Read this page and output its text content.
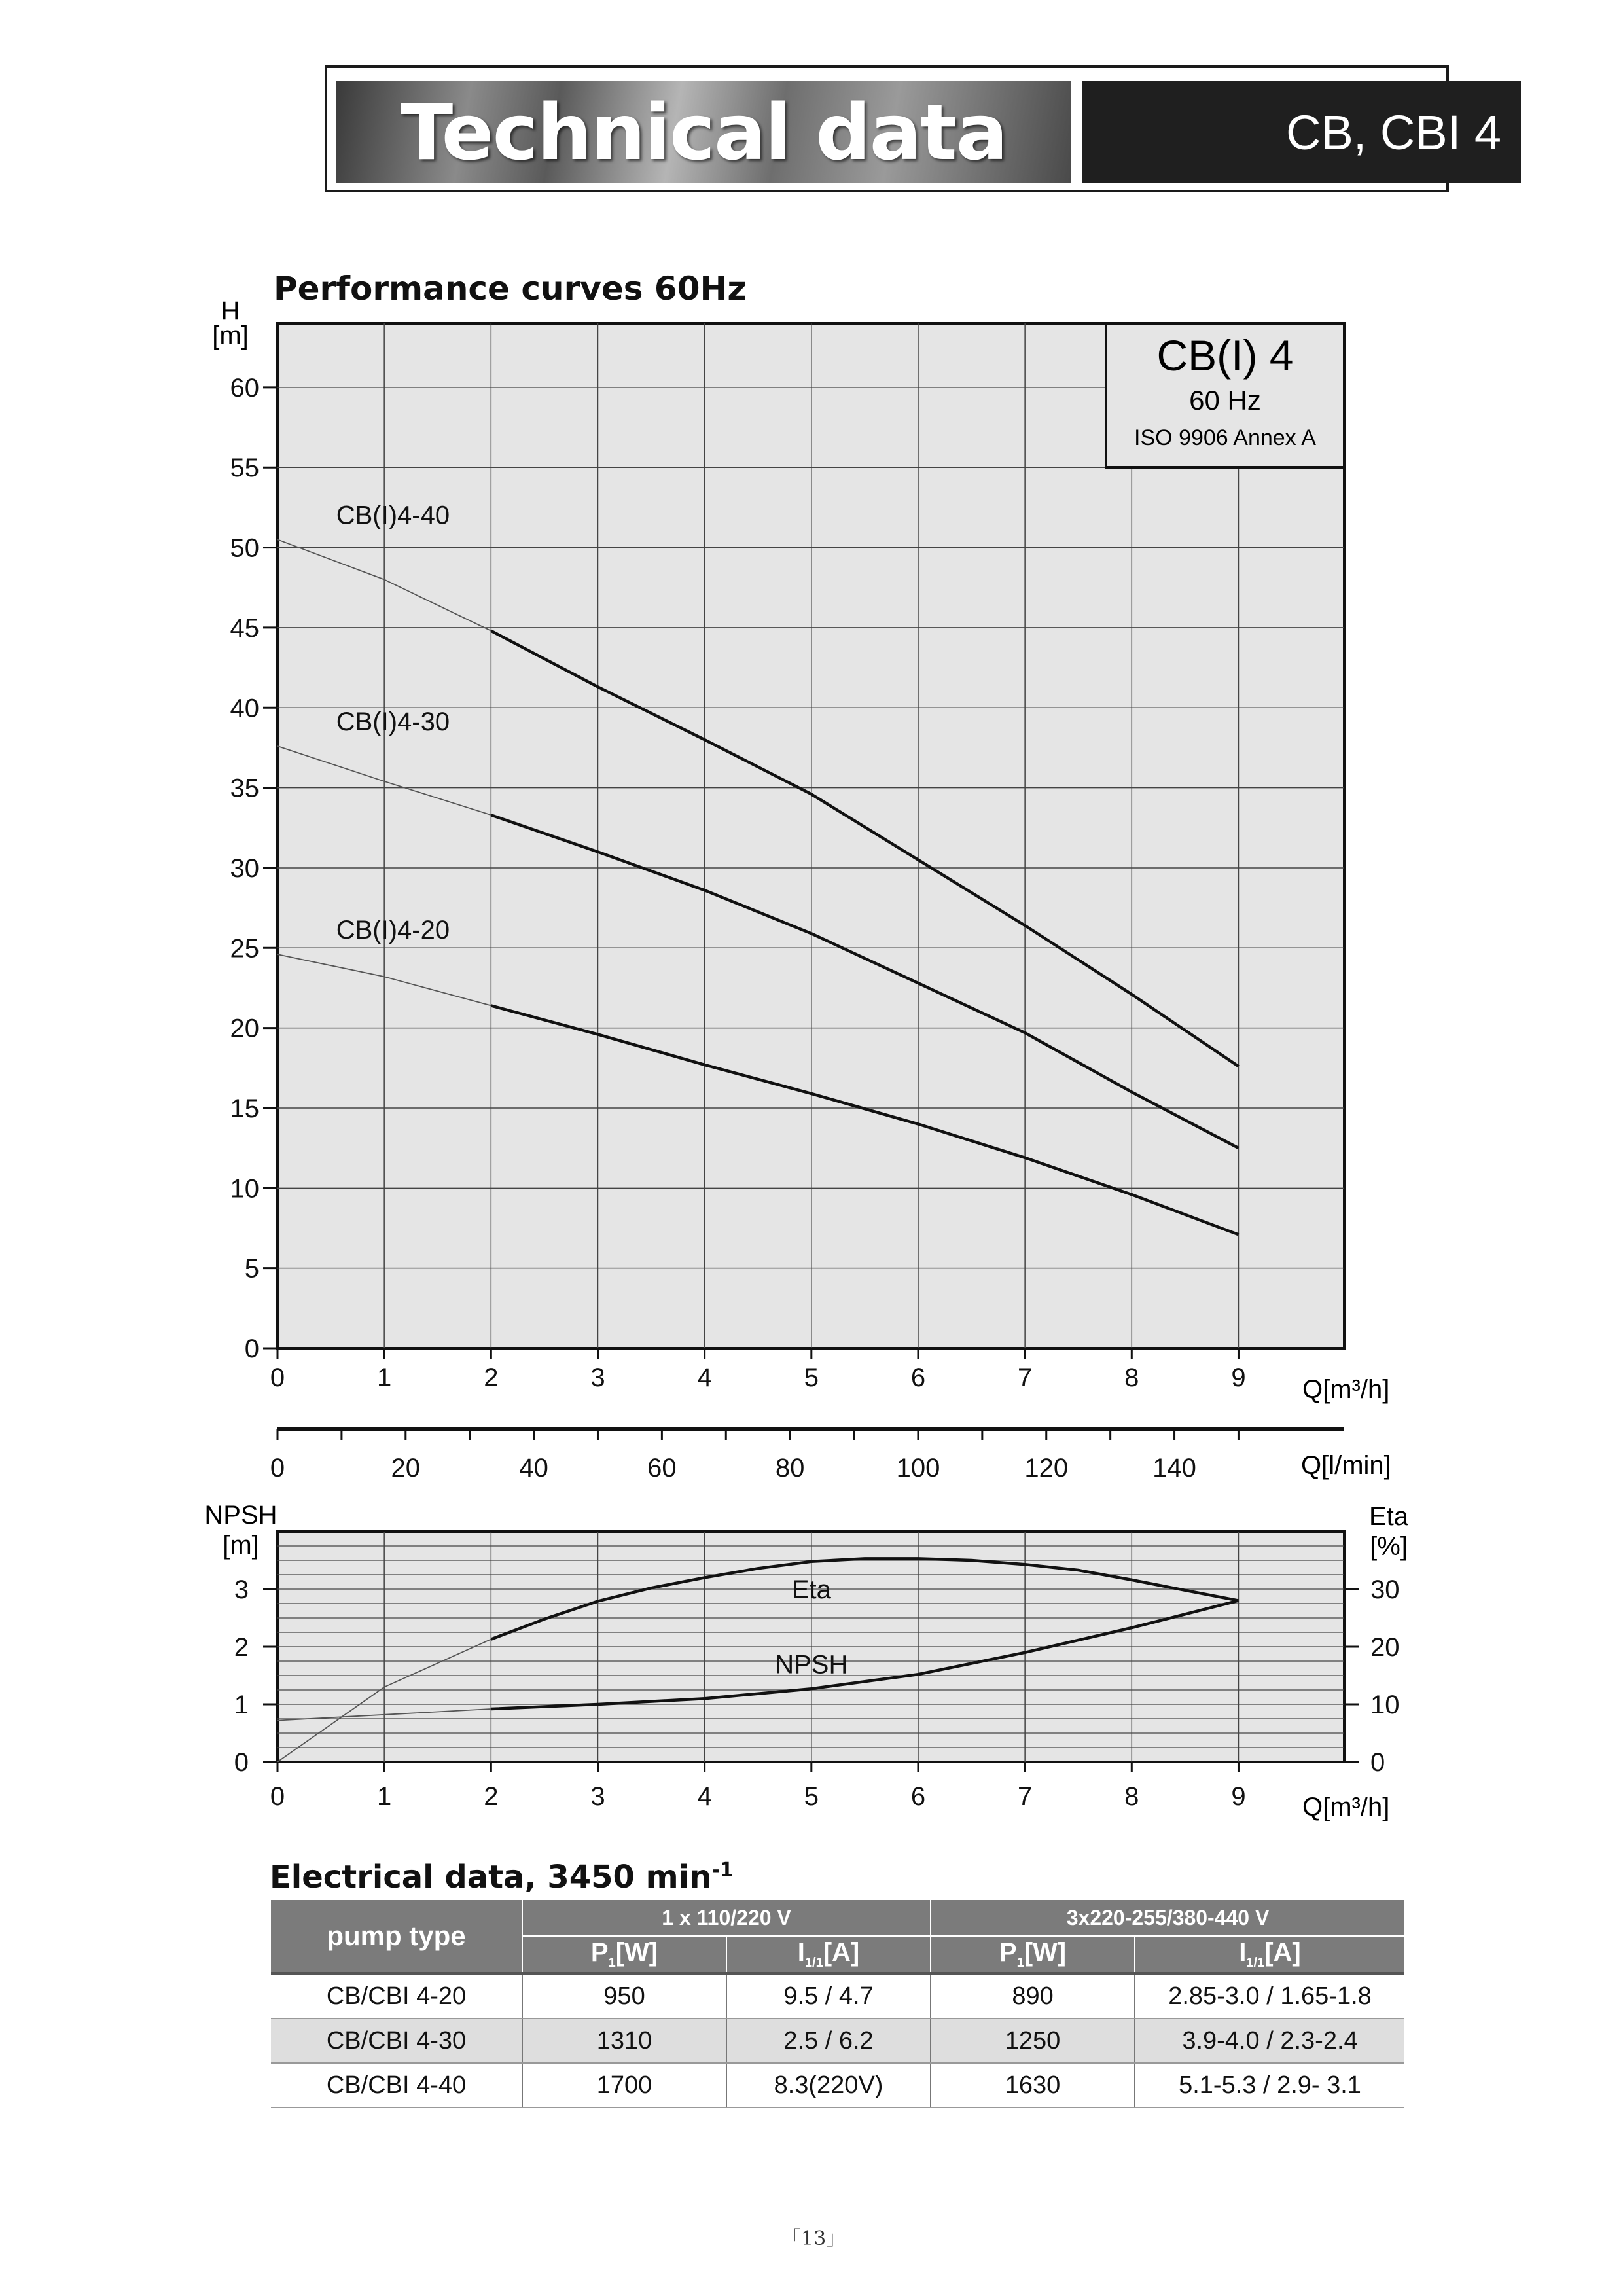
Technical data	CB, CBI 4
CB(I)4-40
CB(I)4-30
CB(I)4-20
0	1	2	3	4	5	6	7	8	9
0
5
10
15
20
25
30
35
40
45
50
55
60
Performance curves 60Hz
H
[m]	CB(I) 4
60 Hz
ISO 9906 Annex A
Q[m³/h]
0	20	40	60	80	100	120	140	Q[l/min]
Eta
NPSH
0	1	2	3	4	5	6	7	8	9
0
1
2
3
0
10
20
30
NPSH
[m]
Eta
[%]
Q[m³/h]
Electrical data, 3450 $\min^{-1}$
pump type	1 x 110/220 V		3x220-255/380-440 V	
	$P_1[W]$	$I_{1/1}[A]$	$P_1[W]$	$I_{1/1}[A]$
CB/CBI 4-20	950	9.5 / 4.7	890	2.85-3.0 / 1.65-1.8
CB/CBI 4-30	1310	2.5 / 6.2	1250	3.9-4.0 / 2.3-2.4
CB/CBI 4-40	1700	8.3(220V)	1630	5.1-5.3 / 2.9- 3.1
「13」
